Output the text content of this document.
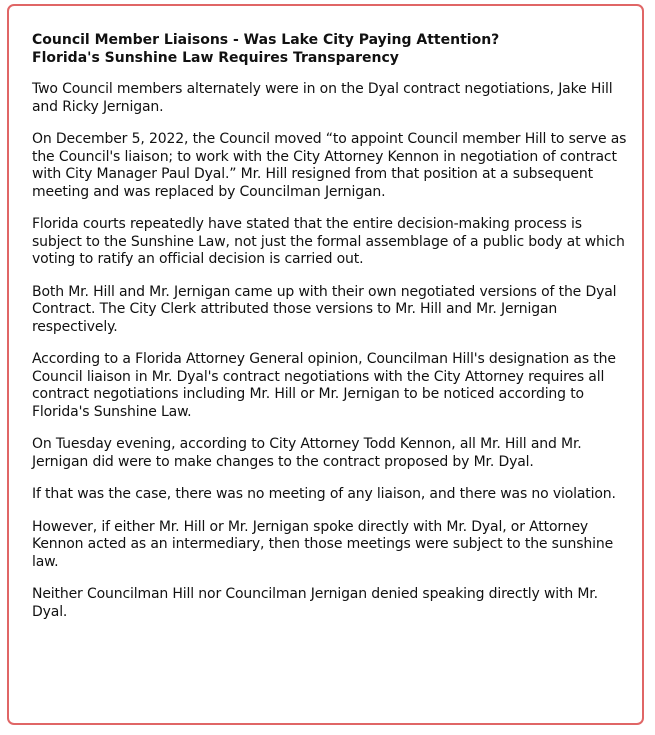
Council Member Liaisons - Was Lake City Paying Attention?
Florida's Sunshine Law Requires Transparency

Two Council members alternately were in on the Dyal contract negotiations, Jake Hill and Ricky Jernigan.

On December 5, 2022, the Council moved “to appoint Council member Hill to serve as the Council's liaison; to work with the City Attorney Kennon in negotiation of contract with City Manager Paul Dyal.” Mr. Hill resigned from that position at a subsequent meeting and was replaced by Councilman Jernigan.

Florida courts repeatedly have stated that the entire decision-making process is subject to the Sunshine Law, not just the formal assemblage of a public body at which voting to ratify an official decision is carried out.

Both Mr. Hill and Mr. Jernigan came up with their own negotiated versions of the Dyal Contract. The City Clerk attributed those versions to Mr. Hill and Mr. Jernigan respectively.

According to a Florida Attorney General opinion, Councilman Hill's designation as the Council liaison in Mr. Dyal's contract negotiations with the City Attorney requires all contract negotiations including Mr. Hill or Mr. Jernigan to be noticed according to Florida's Sunshine Law.

On Tuesday evening, according to City Attorney Todd Kennon, all Mr. Hill and Mr. Jernigan did were to make changes to the contract proposed by Mr. Dyal.

If that was the case, there was no meeting of any liaison, and there was no violation.

However, if either Mr. Hill or Mr. Jernigan spoke directly with Mr. Dyal, or Attorney Kennon acted as an intermediary, then those meetings were subject to the sunshine law.

Neither Councilman Hill nor Councilman Jernigan denied speaking directly with Mr. Dyal.
